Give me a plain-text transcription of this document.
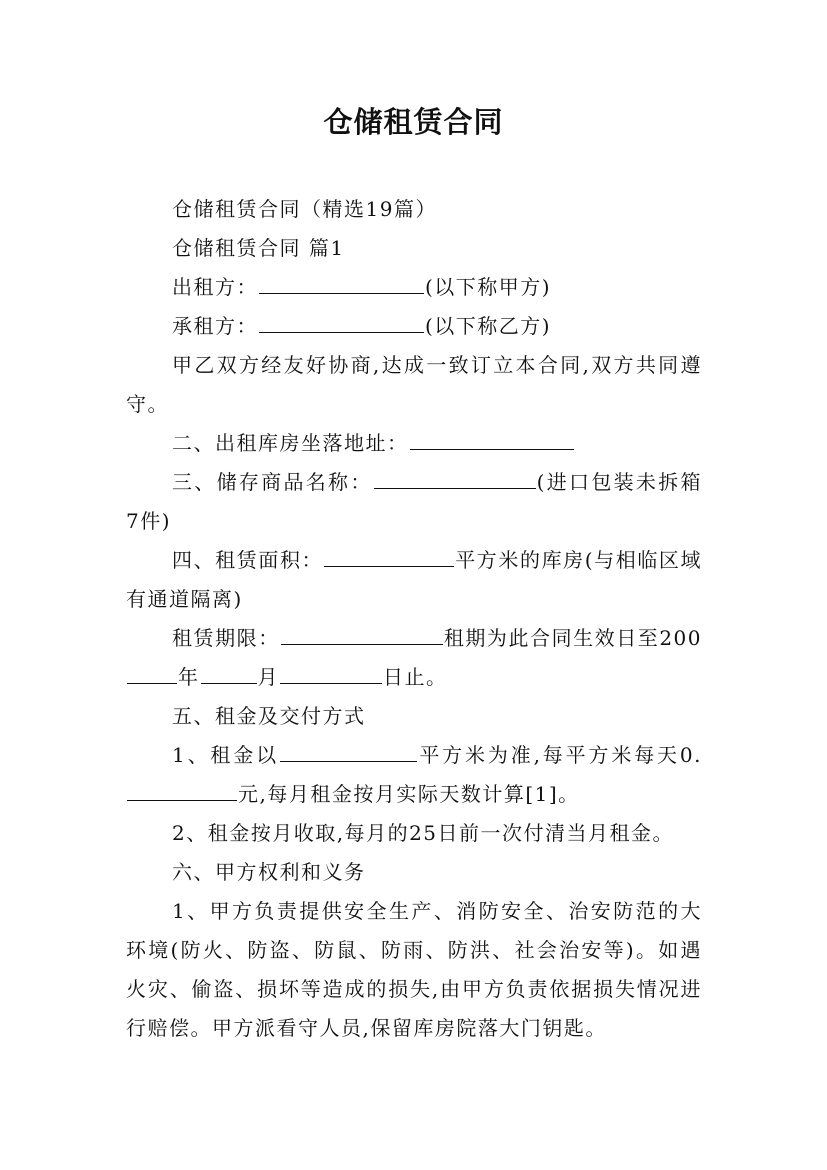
仓储租赁合同

仓储租赁合同（精选19篇）

仓储租赁合同 篇1

出租方：	(以下称甲方)

承租方：	(以下称乙方)

甲乙双方经友好协商,达成一致订立本合同,双方共同遵守。

二、出租库房坐落地址：

三、储存商品名称：	(进口包装未拆箱7件)

四、租赁面积：	平方米的库房(与相临区域有通道隔离)

租赁期限：	租期为此合同生效日至200年	月	日止。

五、租金及交付方式

1、租金以	平方米为准,每平方米每天0.元,每月租金按月实际天数计算[1]。

2、租金按月收取,每月的25日前一次付清当月租金。

六、甲方权利和义务

1、甲方负责提供安全生产、消防安全、治安防范的大环境(防火、防盗、防鼠、防雨、防洪、社会治安等)。如遇火灾、偷盗、损坏等造成的损失,由甲方负责依据损失情况进行赔偿。甲方派看守人员,保留库房院落大门钥匙。
